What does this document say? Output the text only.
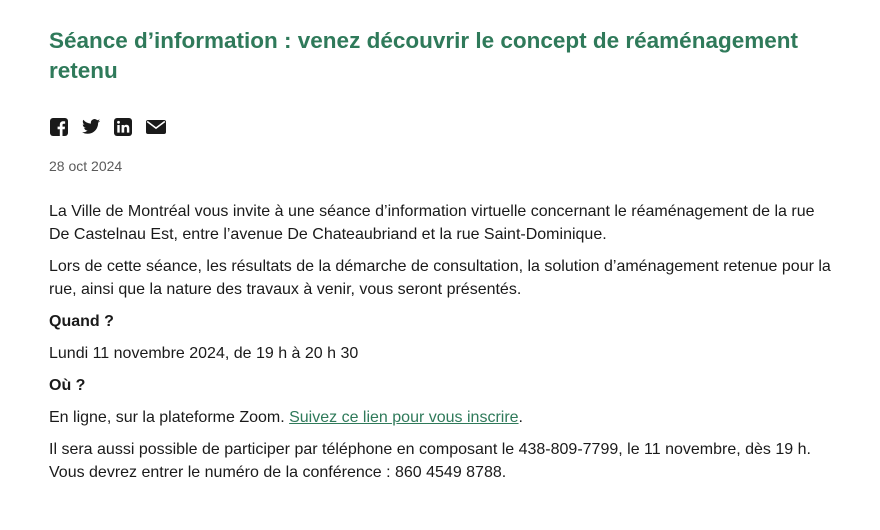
Séance d’information : venez découvrir le concept de réaménagement retenu
28 oct 2024

La Ville de Montréal vous invite à une séance d’information virtuelle concernant le réaménagement de la rue De Castelnau Est, entre l’avenue De Chateaubriand et la rue Saint-Dominique.

Lors de cette séance, les résultats de la démarche de consultation, la solution d’aménagement retenue pour la rue, ainsi que la nature des travaux à venir, vous seront présentés.

Quand ?

Lundi 11 novembre 2024, de 19 h à 20 h 30

Où ?

En ligne, sur la plateforme Zoom. Suivez ce lien pour vous inscrire.

Il sera aussi possible de participer par téléphone en composant le 438-809-7799, le 11 novembre, dès 19 h. Vous devrez entrer le numéro de la conférence : 860 4549 8788.
